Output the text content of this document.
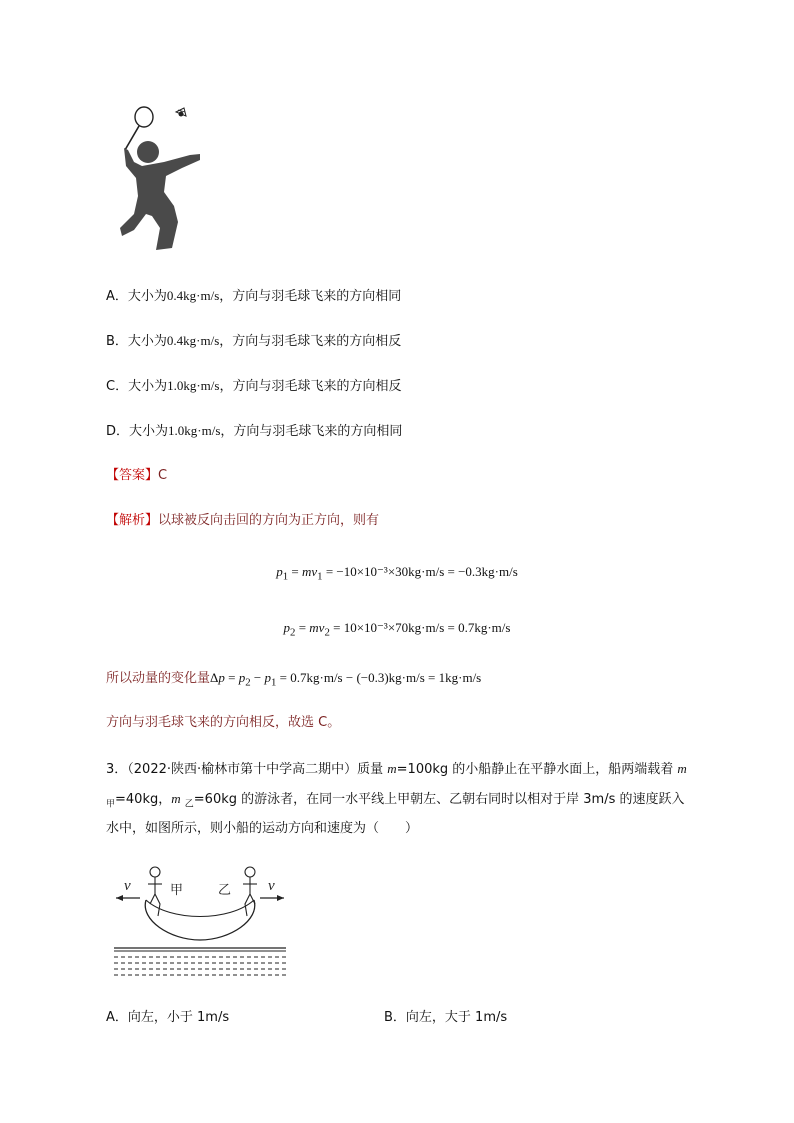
A．大小为0.4kg·m/s，方向与羽毛球飞来的方向相同
B．大小为0.4kg·m/s，方向与羽毛球飞来的方向相反
C．大小为1.0kg·m/s，方向与羽毛球飞来的方向相反
D．大小为1.0kg·m/s，方向与羽毛球飞来的方向相同
【答案】C
【解析】以球被反向击回的方向为正方向，则有
$p_1 = mv_1 = -10\times 10^{-3}\times 30kg\cdot m/s = -0.3kg\cdot m/s$
$p_2 = mv_2 = 10\times 10^{-3}\times 70kg\cdot m/s = 0.7kg\cdot m/s$
所以动量的变化量$\Delta p = p_2 - p_1 = 0.7kg\cdot m/s - (-0.3)kg\cdot m/s = 1kg\cdot m/s$
方向与羽毛球飞来的方向相反，故选 C。
3．（2022·陕西·榆林市第十中学高二期中）质量 m=100kg 的小船静止在平静水面上，船两端载着 m
$_甲$=40kg，m $_乙$=60kg 的游泳者，在同一水平线上甲朝左、乙朝右同时以相对于岸 3m/s 的速度跃入
水中，如图所示，则小船的运动方向和速度为（　　）
v	甲	乙 v
A．向左，小于 1m/s	B．向左，大于 1m/s
